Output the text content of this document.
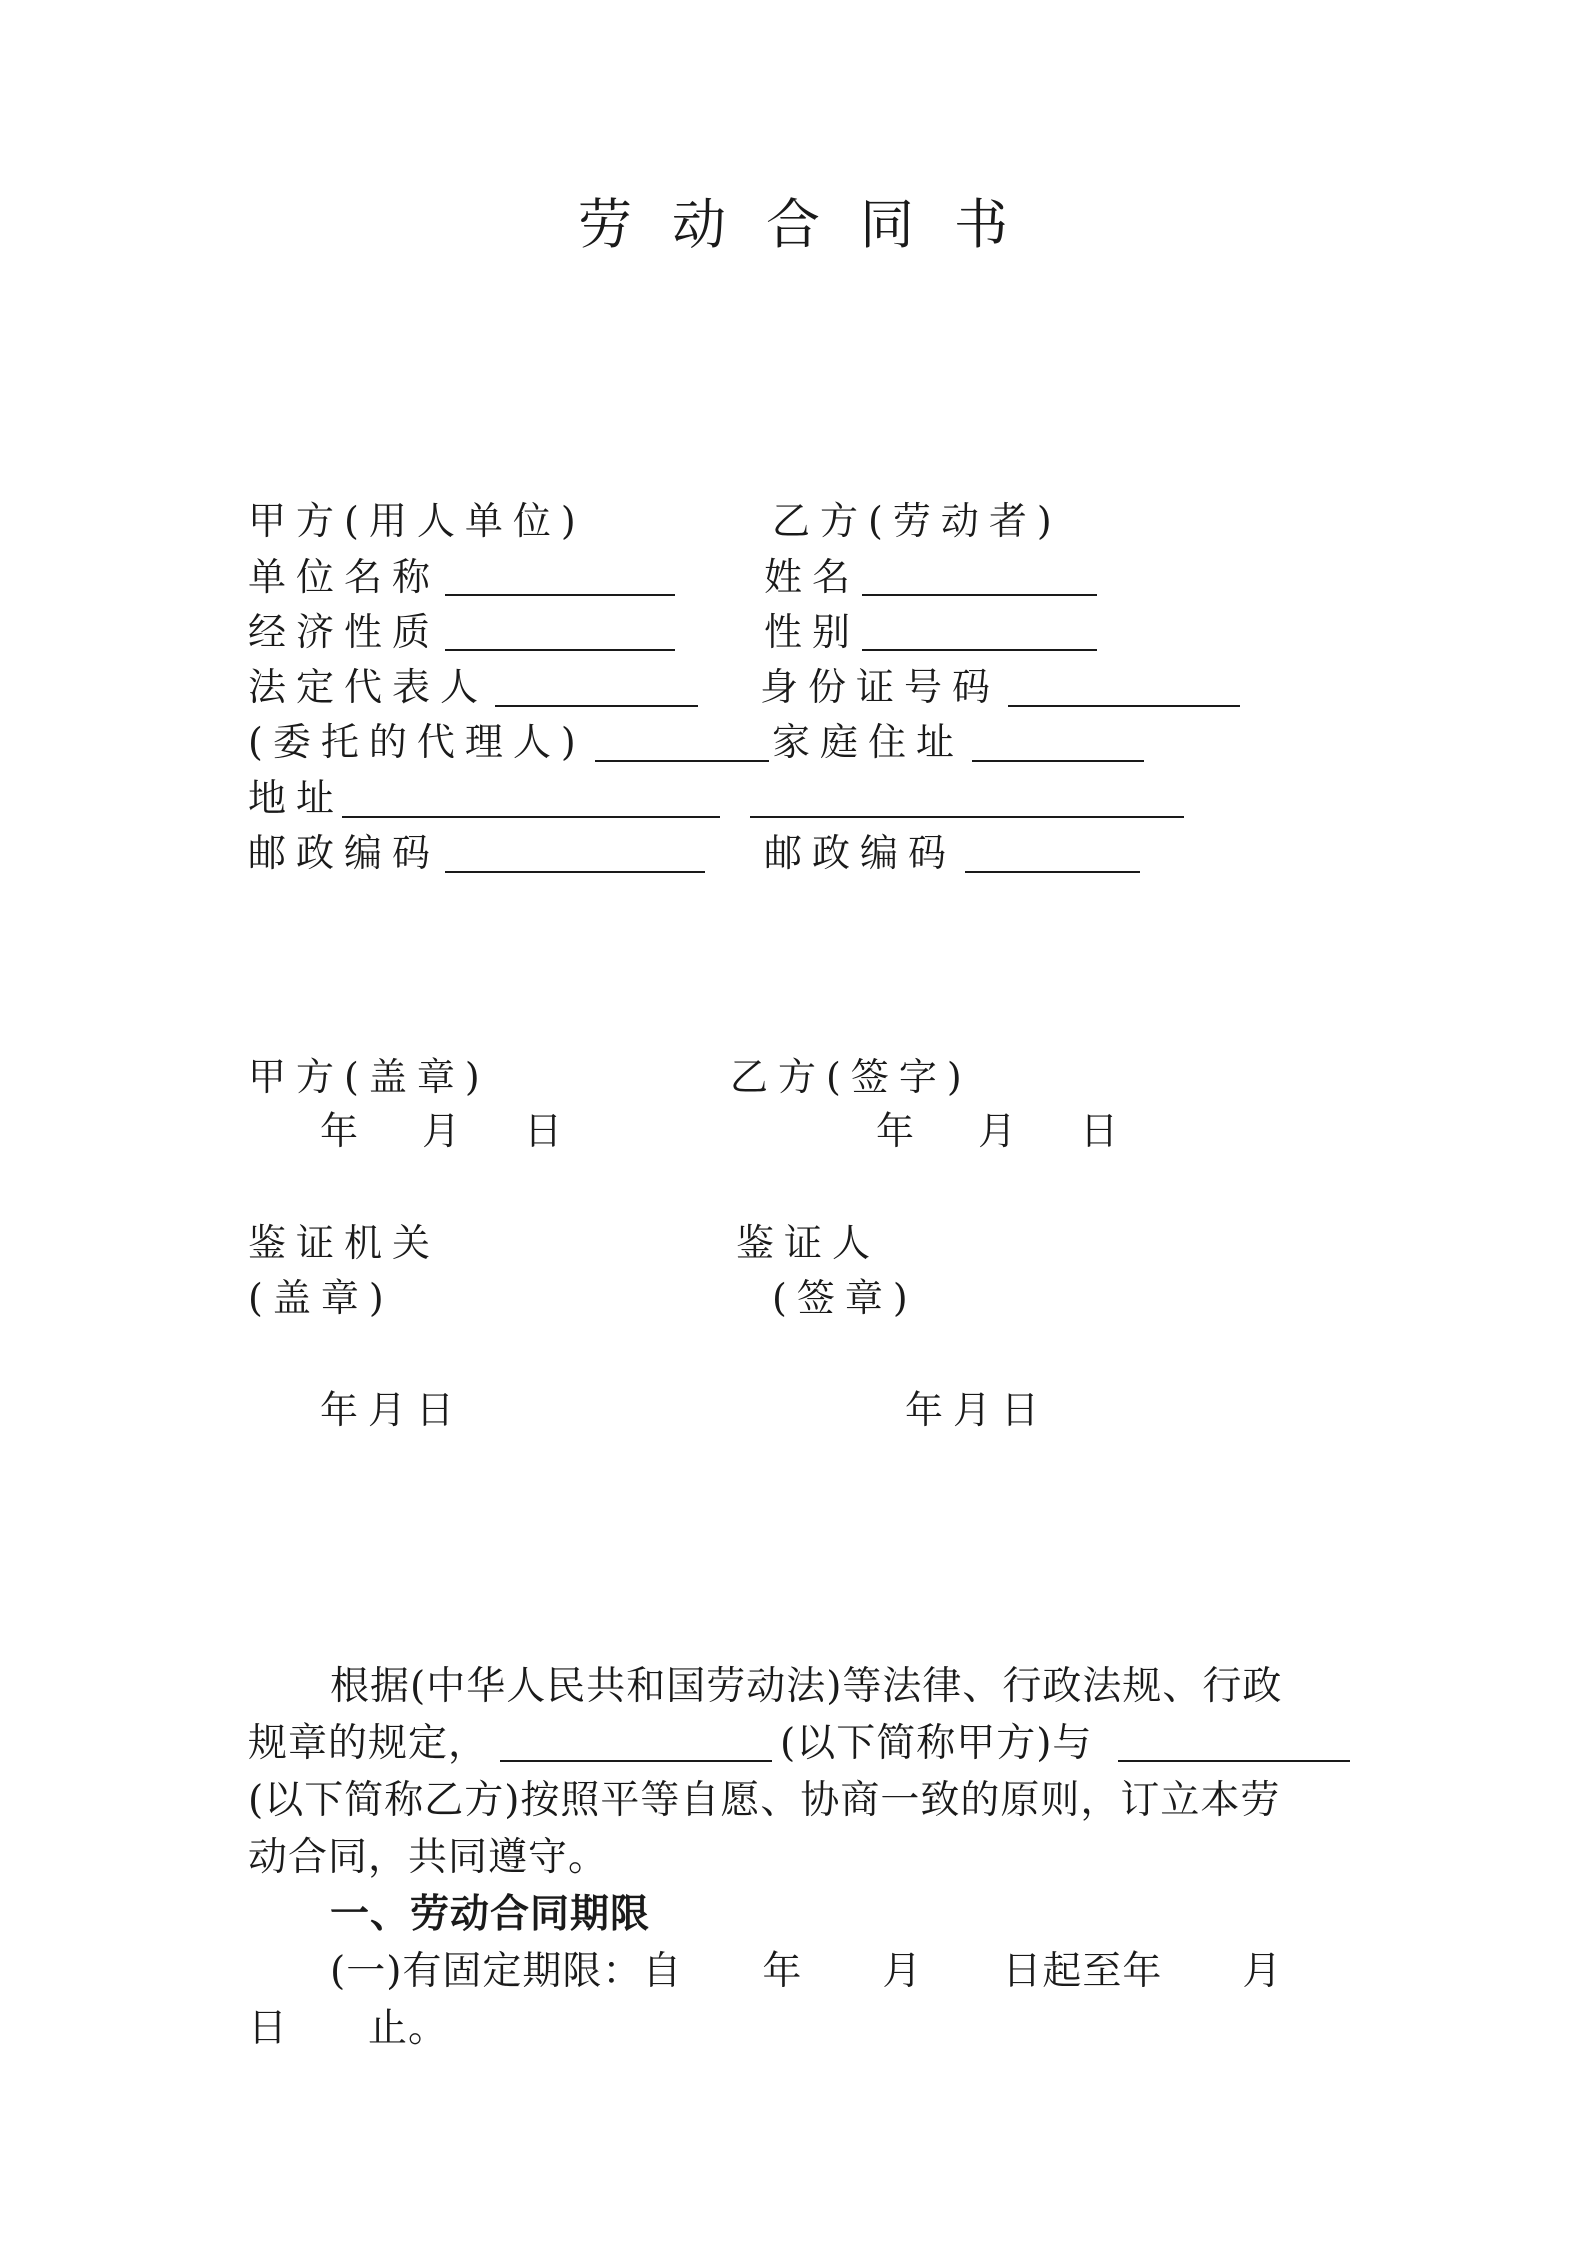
劳动合同书
甲方(用人单位)	乙方(劳动者)
单位名称	姓名
经济性质	性别
法定代表人	身份证号码
(委托的代理人)	家庭住址
地址
邮政编码	邮政编码
甲方(盖章)	乙方(签字)
年 月 日	年 月 日
鉴证机关	鉴证人
(盖章)	(签章)
年月日	年月日
根据(中华人民共和国劳动法)等法律、行政法规、行政
规章的规定，	(以下简称甲方)与
(以下简称乙方)按照平等自愿、协商一致的原则，订立本劳
动合同，共同遵守。
一、劳动合同期限
(一)有固定期限：自　　年　　月　　日起至年　　月
日　　止。
